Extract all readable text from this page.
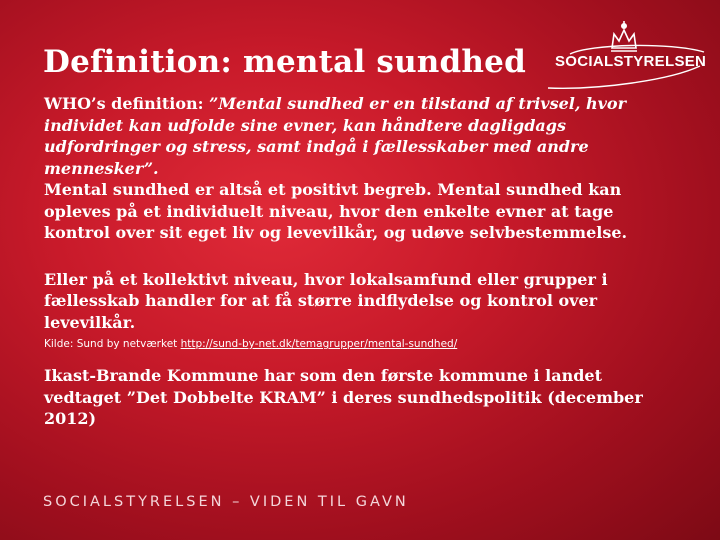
Definition: mental sundhed SOCIALSTYRELSEN

WHO’s definition: ”Mental sundhed er en tilstand af trivsel, hvor individet kan udfolde sine evner, kan håndtere dagligdags udfordringer og stress, samt indgå i fællesskaber med andre mennesker”.

Mental sundhed er altså et positivt begreb. Mental sundhed kan opleves på et individuelt niveau, hvor den enkelte evner at tage kontrol over sit eget liv og levevilkår, og udøve selvbestemmelse.

Eller på et kollektivt niveau, hvor lokalsamfund eller grupper i fællesskab handler for at få større indflydelse og kontrol over levevilkår.

Kilde: Sund by netværket http://sund-by-net.dk/temagrupper/mental-sundhed/

Ikast-Brande Kommune har som den første kommune i landet vedtaget ”Det Dobbelte KRAM” i deres sundhedspolitik (december 2012)

SOCIALSTYRELSEN – VIDEN TIL GAVN
